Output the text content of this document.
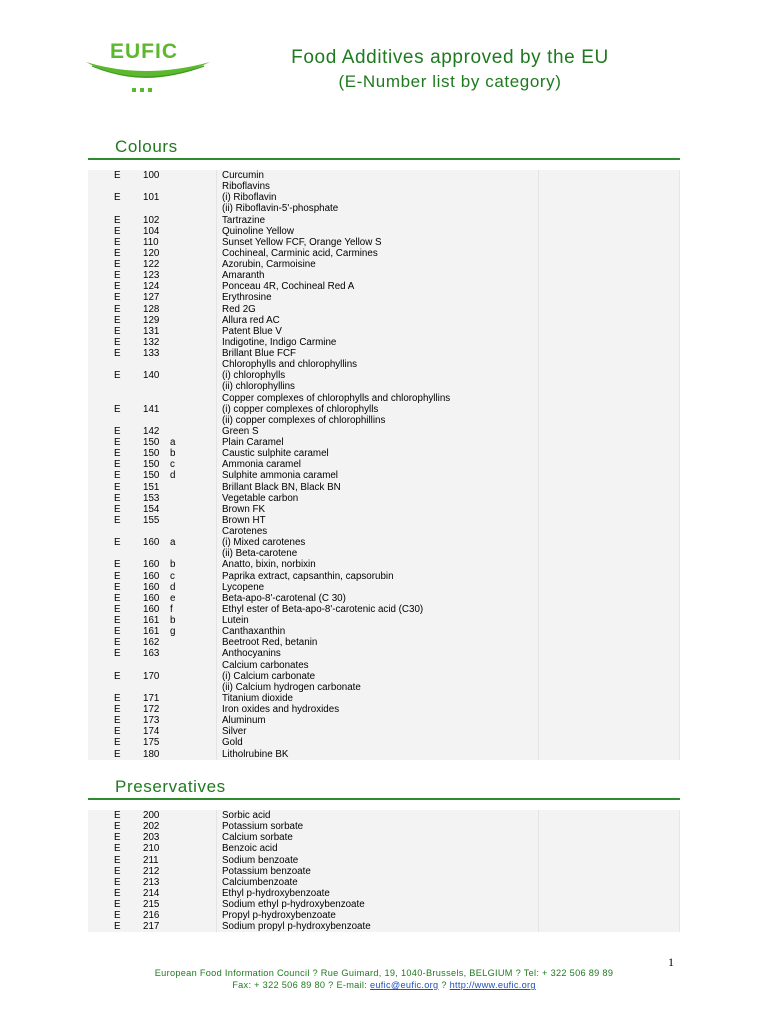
EUFIC	Food Additives approved by the EU
(E-Number list by category)
Colours
E 100	Curcumin
Riboflavins
E 101	(i) Riboflavin
(ii) Riboflavin-5'-phosphate
E 102	Tartrazine
E 104	Quinoline Yellow
E 110	Sunset Yellow FCF, Orange Yellow S
E 120	Cochineal, Carminic acid, Carmines
E 122	Azorubin, Carmoisine
E 123	Amaranth
E 124	Ponceau 4R, Cochineal Red A
E 127	Erythrosine
E 128	Red 2G
E 129	Allura red AC
E 131	Patent Blue V
E 132	Indigotine, Indigo Carmine
E 133	Brillant Blue FCF
Chlorophylls and chlorophyllins
E 140	(i) chlorophylls
(ii) chlorophyllins
Copper complexes of chlorophylls and chlorophyllins
E 141	(i) copper complexes of chlorophylls
(ii) copper complexes of chlorophillins
E 142	Green S
E 150 a	Plain Caramel
E 150 b	Caustic sulphite caramel
E 150 c	Ammonia caramel
E 150 d	Sulphite ammonia caramel
E 151	Brillant Black BN, Black BN
E 153	Vegetable carbon
E 154	Brown FK
E 155	Brown HT
Carotenes
E 160 a	(i) Mixed carotenes
(ii) Beta-carotene
E 160 b	Anatto, bixin, norbixin
E 160 c	Paprika extract, capsanthin, capsorubin
E 160 d	Lycopene
E 160 e	Beta-apo-8'-carotenal (C 30)
E 160 f	Ethyl ester of Beta-apo-8'-carotenic acid (C30)
E 161 b	Lutein
E 161 g	Canthaxanthin
E 162	Beetroot Red, betanin
E 163	Anthocyanins
Calcium carbonates
E 170	(i) Calcium carbonate
(ii) Calcium hydrogen carbonate
E 171	Titanium dioxide
E 172	Iron oxides and hydroxides
E 173	Aluminum
E 174	Silver
E 175	Gold
E 180	Litholrubine BK
Preservatives
E 200	Sorbic acid
E 202	Potassium sorbate
E 203	Calcium sorbate
E 210	Benzoic acid
E 211	Sodium benzoate
E 212	Potassium benzoate
E 213	Calciumbenzoate
E 214	Ethyl p-hydroxybenzoate
E 215	Sodium ethyl p-hydroxybenzoate
E 216	Propyl p-hydroxybenzoate
E 217	Sodium propyl p-hydroxybenzoate
1
European Food Information Council ? Rue Guimard, 19, 1040-Brussels, BELGIUM ? Tel: + 322 506 89 89
Fax: + 322 506 89 80 ? E-mail: eufic@eufic.org ? http://www.eufic.org
